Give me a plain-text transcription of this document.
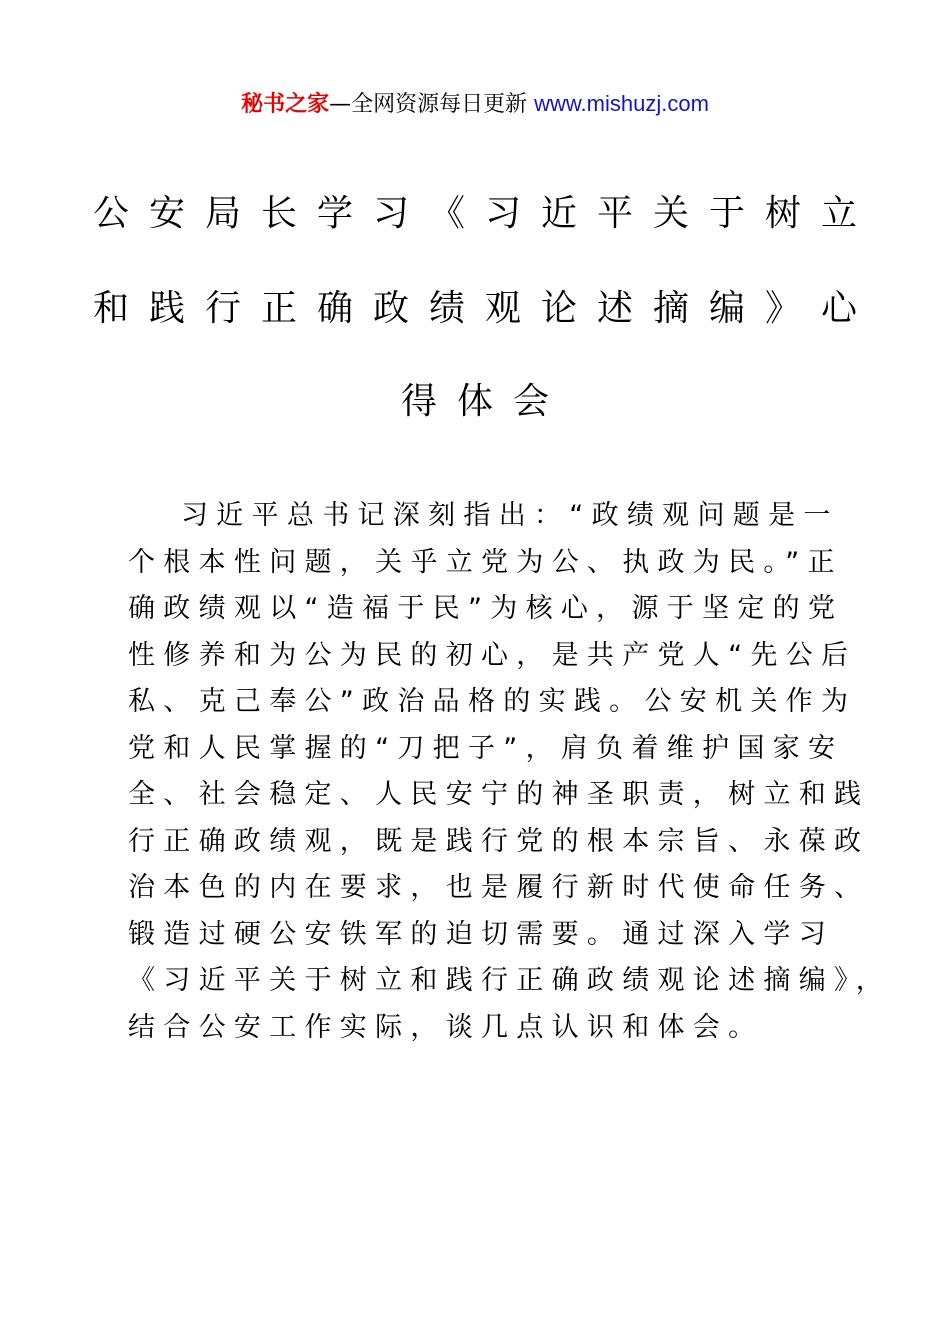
秘书之家—全网资源每日更新 www.mishuzj.com
公安局长学习《习近平关于树立
和践行正确政绩观论述摘编》心
得体会
习近平总书记深刻指出：“政绩观问题是一
个根本性问题，关乎立党为公、执政为民。”正
确政绩观以“造福于民”为核心，源于坚定的党
性修养和为公为民的初心，是共产党人“先公后
私、克己奉公”政治品格的实践。公安机关作为
党和人民掌握的“刀把子”，肩负着维护国家安
全、社会稳定、人民安宁的神圣职责，树立和践
行正确政绩观，既是践行党的根本宗旨、永葆政
治本色的内在要求，也是履行新时代使命任务、
锻造过硬公安铁军的迫切需要。通过深入学习
《习近平关于树立和践行正确政绩观论述摘编》，
结合公安工作实际，谈几点认识和体会。
